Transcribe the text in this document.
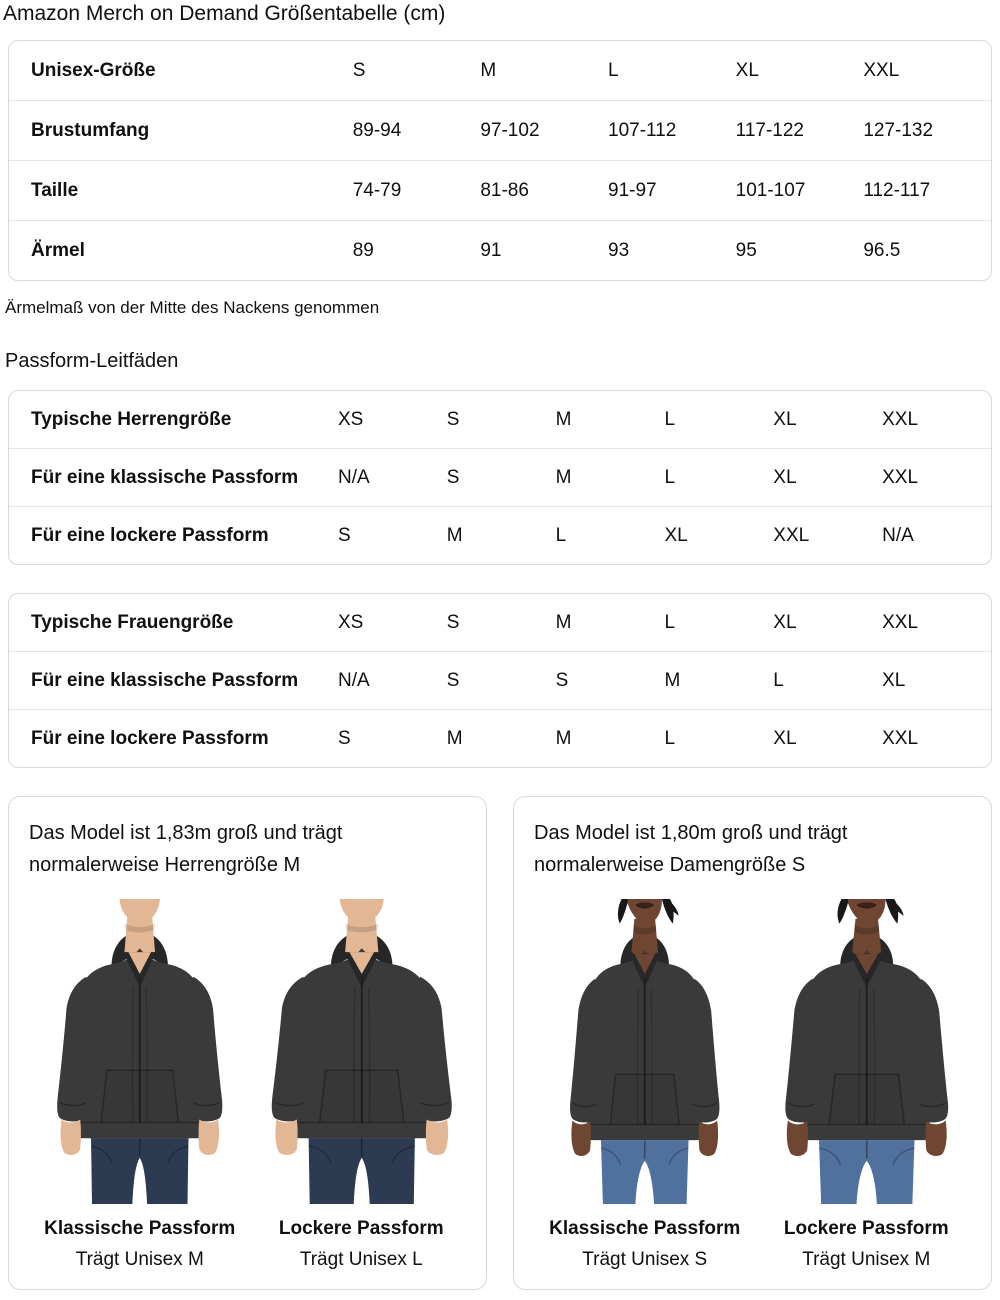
Amazon Merch on Demand Größentabelle (cm)
Unisex-Größe	S	M	L	XL	XXL
Brustumfang	89-94	97-102	107-112	117-122	127-132
Taille	74-79	81-86	91-97	101-107	112-117
Ärmel	89	91	93	95	96.5
Ärmelmaß von der Mitte des Nackens genommen
Passform-Leitfäden
Typische Herrengröße	XS	S	M	L	XL	XXL
Für eine klassische Passform	N/A	S	M	L	XL	XXL
Für eine lockere Passform	S	M	L	XL	XXL	N/A
Typische Frauengröße	XS	S	M	L	XL	XXL
Für eine klassische Passform	N/A	S	S	M	L	XL
Für eine lockere Passform	S	M	M	L	XL	XXL
Das Model ist 1,83m groß und trägt normalerweise Herrengröße M
Klassische Passform
Trägt Unisex M
Lockere Passform
Trägt Unisex L
Das Model ist 1,80m groß und trägt normalerweise Damengröße S
Klassische Passform
Trägt Unisex S
Lockere Passform
Trägt Unisex M
